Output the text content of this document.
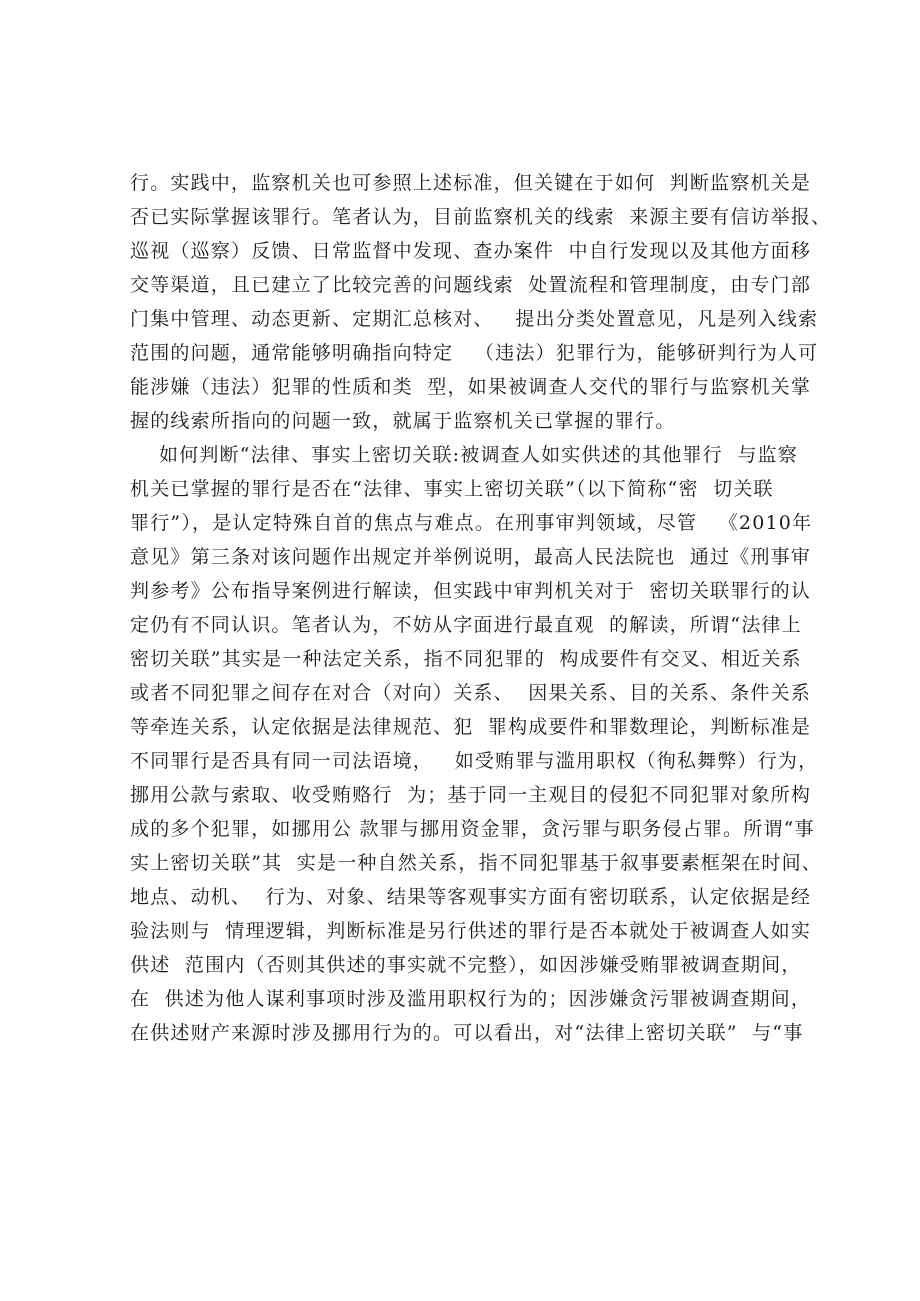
行。实践中，监察机关也可参照上述标准，但关键在于如何  判断监察机关是
否已实际掌握该罪行。笔者认为，目前监察机关的线索  来源主要有信访举报、
巡视（巡察）反馈、日常监督中发现、查办案件  中自行发现以及其他方面移
交等渠道，且已建立了比较完善的问题线索  处置流程和管理制度，由专门部
门集中管理、动态更新、定期汇总核对、   提出分类处置意见，凡是列入线索
范围的问题，通常能够明确指向特定   （违法）犯罪行为，能够研判行为人可
能涉嫌（违法）犯罪的性质和类  型，如果被调查人交代的罪行与监察机关掌
握的线索所指向的问题一致，就属于监察机关已掌握的罪行。
如何判断“法律、事实上密切关联:被调查人如实供述的其他罪行  与监察
机关已掌握的罪行是否在“法律、事实上密切关联”（以下简称“密  切关联
罪行”），是认定特殊自首的焦点与难点。在刑事审判领域，尽管   《2010年
意见》第三条对该问题作出规定并举例说明，最高人民法院也  通过《刑事审
判参考》公布指导案例进行解读，但实践中审判机关对于  密切关联罪行的认
定仍有不同认识。笔者认为，不妨从字面进行最直观  的解读，所谓“法律上
密切关联”其实是一种法定关系，指不同犯罪的  构成要件有交叉、相近关系
或者不同犯罪之间存在对合（对向）关系、  因果关系、目的关系、条件关系
等牵连关系，认定依据是法律规范、犯  罪构成要件和罪数理论，判断标准是
不同罪行是否具有同一司法语境，   如受贿罪与滥用职权（徇私舞弊）行为，
挪用公款与索取、收受贿赂行  为；基于同一主观目的侵犯不同犯罪对象所构
成的多个犯罪，如挪用公 款罪与挪用资金罪，贪污罪与职务侵占罪。所谓“事
实上密切关联”其  实是一种自然关系，指不同犯罪基于叙事要素框架在时间、
地点、动机、  行为、对象、结果等客观事实方面有密切联系，认定依据是经
验法则与  情理逻辑，判断标准是另行供述的罪行是否本就处于被调查人如实
供述  范围内（否则其供述的事实就不完整），如因涉嫌受贿罪被调查期间，
在  供述为他人谋利事项时涉及滥用职权行为的；因涉嫌贪污罪被调查期间，
在供述财产来源时涉及挪用行为的。可以看出，对“法律上密切关联”  与“事
